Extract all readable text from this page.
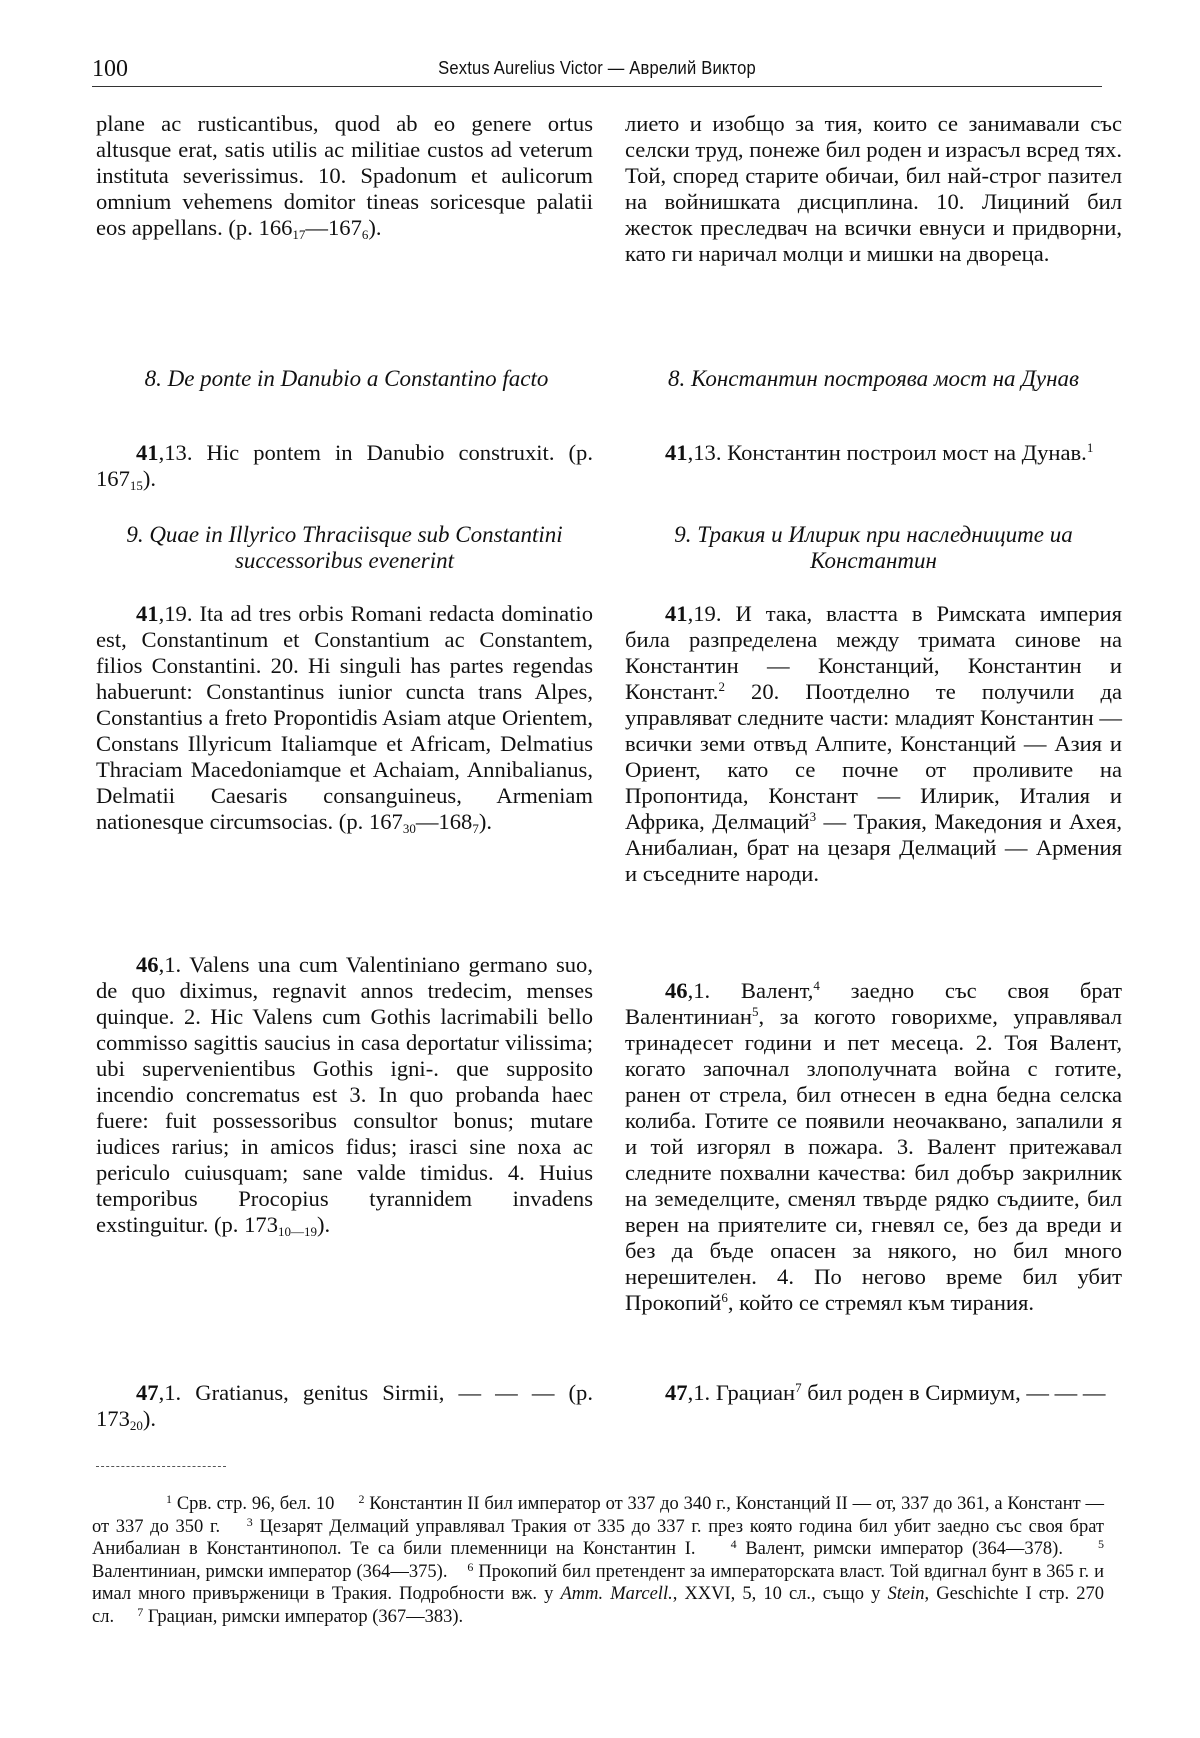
100	Sextus Aurelius Victor — Аврелий Виктор

plane ac rusticantibus, quod ab eo genere ortus altusque erat, satis utilis ac militiae custos ad veterum instituta severissimus. 10. Spadonum et aulicorum omnium vehemens domitor tineas soricesque palatii eos appellans. (p. $166_{17}—167_6$).

8. De ponte in Danubio a Constantino facto

41,13. Hic pontem in Danubio construxit. (p. $167_{15}$).

9. Quae in Illyrico Thraciisque sub Constantini successoribus evenerint

41,19. Ita ad tres orbis Romani redacta dominatio est, Constantinum et Constantium ac Constantem, filios Constantini. 20. Hi singuli has partes regendas habuerunt: Constantinus iunior cuncta trans Alpes, Constantius a freto Propontidis Asiam atque Orientem, Constans Illyricum Italiamque et Africam, Delmatius Thraciam Macedoniamque et Achaiam, Annibalianus, Delmatii Caesaris consanguineus, Armeniam nationesque circumsocias. (p. $167_{30}—168_7$).

46,1. Valens una cum Valentiniano germano suo, de quo diximus, regnavit annos tredecim, menses quinque. 2. Hic Valens cum Gothis lacrimabili bello commisso sagittis saucius in casa deportatur vilissima; ubi supervenientibus Gothis igni-. que supposito incendio concrematus est 3. In quo probanda haec fuere: fuit possessoribus consultor bonus; mutare iudices rarius; in amicos fidus; irasci sine noxa ac periculo cuiusquam; sane valde timidus. 4. Huius temporibus Procopius tyrannidem invadens exstinguitur. (p. $173_{10—19}$).

47,1. Gratianus, genitus Sirmii, — — — (p. $173_{20}$).

лието и изобщо за тия, които се занимавали със селски труд, понеже бил роден и израсъл всред тях. Той, според старите обичаи, бил най-строг пазител на войнишката дисциплина. 10. Лициний бил жесток преследвач на всички евнуси и придворни, като ги наричал молци и мишки на двореца.

8. Константин построява мост на Дунав

41,13. Константин построил мост на Дунав.$^1$

9. Тракия и Илирик при наследниците иа Константин

41,19. И така, властта в Римската империя била разпределена между тримата синове на Константин — Констанций, Константин и Констант.$^2$ 20. Поотделно те получили да управляват следните части: младият Константин — всички земи отвъд Алпите, Констанций — Азия и Ориент, като се почне от проливите на Пропонтида, Констант — Илирик, Италия и Африка, Делмаций$^3$ — Тракия, Македония и Ахея, Анибалиан, брат на цезаря Делмаций — Армения и съседните народи.

46,1. Валент,$^4$ заедно със своя брат Валентиниан$^5$, за когото говорихме, управлявал тринадесет години и пет месеца. 2. Тоя Валент, когато започнал злополучната война с готите, ранен от стрела, бил отнесен в една бедна селска колиба. Готите се появили неочаквано, запалили я и той изгорял в пожара. 3. Валент притежавал следните похвални качества: бил добър закрилник на земеделците, сменял твърде рядко съдиите, бил верен на приятелите си, гневял се, без да вреди и без да бъде опасен за някого, но бил много нерешителен. 4. По негово време бил убит Прокопий$^6$, който се стремял към тирания.

47,1. Грациан$^7$ бил роден в Сирмиум, — — —

$^1$ Срв. стр. 96, бел. 10 $^2$ Константин II бил император от 337 до 340 г., Констанций II — от, 337 до 361, а Констант — от 337 до 350 г. $^3$ Цезарят Делмаций управлявал Тракия от 335 до 337 г. през която година бил убит заедно със своя брат Анибалиан в Константинопол. Те са били племенници на Константин I.	$^4$ Валент, римски император (364—378).	$^5$ Валентиниан, римски император (364—375). $^6$ Прокопий бил претендент за императорската власт. Той вдигнал бунт в 365 г. и имал много привърженици в Тракия. Подробности вж. у Amm. Marcell., XXVI, 5, 10 сл., също у Stein, Geschichte I стр. 270 сл. $^7$ Грациан, римски император (367—383).
